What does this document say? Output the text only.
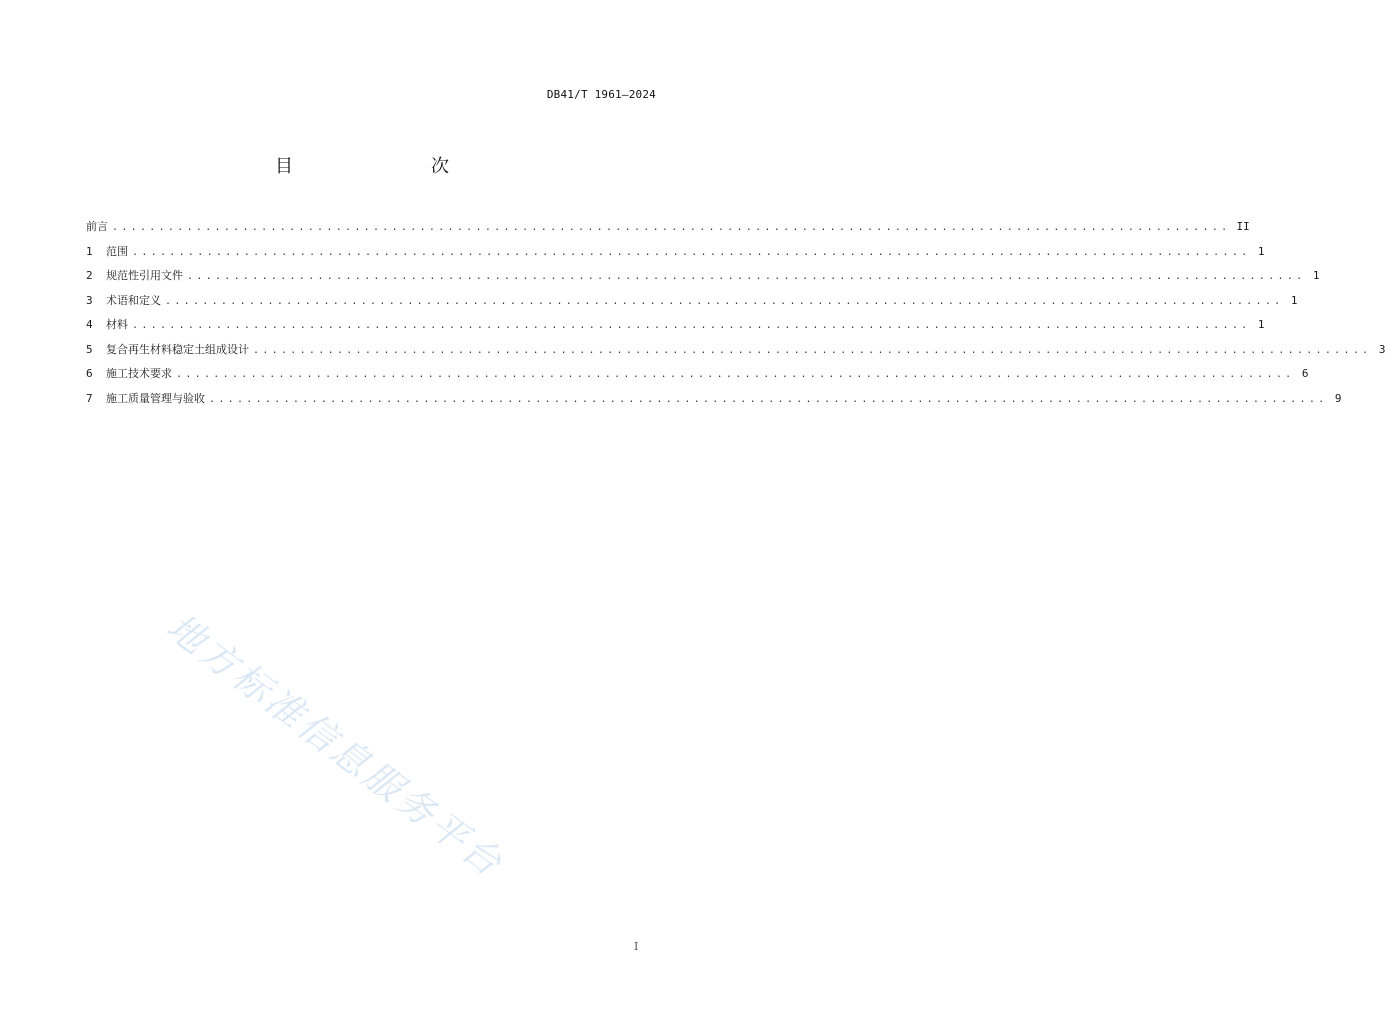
DB41/T 1961—2024
目　　次
前言 ........................................................................................................................ II
1	范围 ........................................................................................................................ 1
2	规范性引用文件 ........................................................................................................................ 1
3	术语和定义 ........................................................................................................................ 1
4	材料 ........................................................................................................................ 1
5	复合再生材料稳定土组成设计 ........................................................................................................................ 3
6	施工技术要求 ........................................................................................................................ 6
7	施工质量管理与验收 ........................................................................................................................ 9
地方标准信息服务平台
I
